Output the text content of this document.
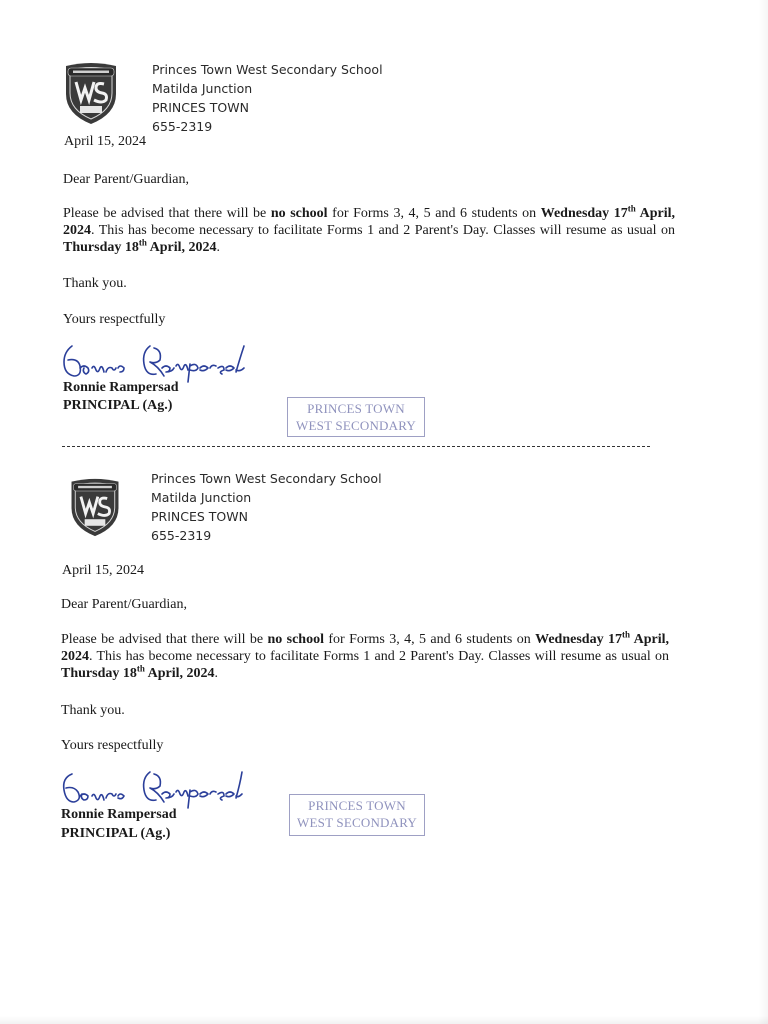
Princes Town West Secondary School
Matilda Junction
PRINCES TOWN
655-2319
April 15, 2024
Dear Parent/Guardian,
Please be advised that there will be no school for Forms 3, 4, 5 and 6 students on Wednesday 17th April, 2024. This has become necessary to facilitate Forms 1 and 2 Parent's Day. Classes will resume as usual on Thursday 18th April, 2024.
Thank you.
Yours respectfully
Ronnie Rampersad
PRINCIPAL (Ag.)	PRINCES TOWN
WEST SECONDARY
Princes Town West Secondary School
Matilda Junction
PRINCES TOWN
655-2319
April 15, 2024
Dear Parent/Guardian,
Please be advised that there will be no school for Forms 3, 4, 5 and 6 students on Wednesday 17th April, 2024. This has become necessary to facilitate Forms 1 and 2 Parent's Day. Classes will resume as usual on Thursday 18th April, 2024.
Thank you.
Yours respectfully
Ronnie Rampersad
PRINCIPAL (Ag.)
PRINCES TOWN
WEST SECONDARY
